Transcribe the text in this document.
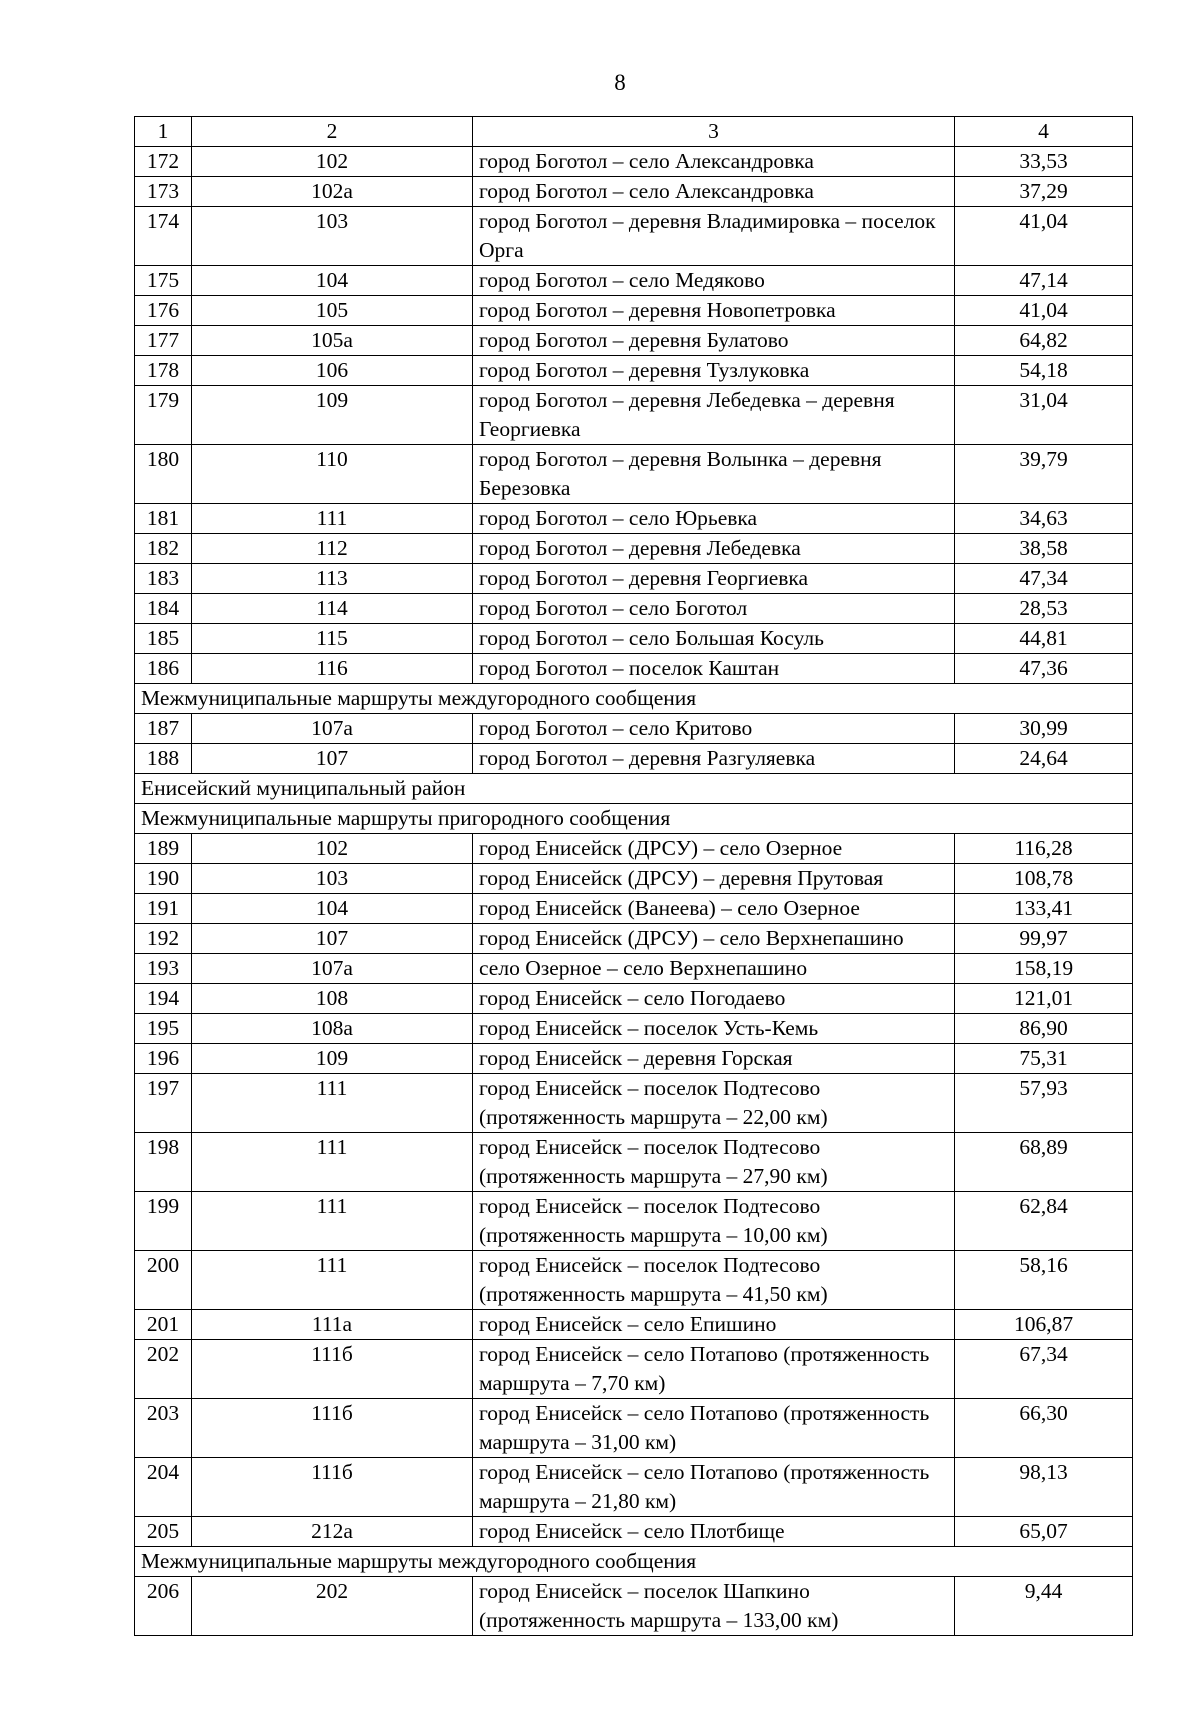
8
1	2	3	4
172	102	город Боготол – село Александровка	33,53
173	102а	город Боготол – село Александровка	37,29
174	103	город Боготол – деревня Владимировка – поселок Орга	41,04
175	104	город Боготол – село Медяково	47,14
176	105	город Боготол – деревня Новопетровка	41,04
177	105а	город Боготол – деревня Булатово	64,82
178	106	город Боготол – деревня Тузлуковка	54,18
179	109	город Боготол – деревня Лебедевка – деревня Георгиевка	31,04
180	110	город Боготол – деревня Волынка – деревня Березовка	39,79
181	111	город Боготол – село Юрьевка	34,63
182	112	город Боготол – деревня Лебедевка	38,58
183	113	город Боготол – деревня Георгиевка	47,34
184	114	город Боготол – село Боготол	28,53
185	115	город Боготол – село Большая Косуль	44,81
186	116	город Боготол – поселок Каштан	47,36
Межмуниципальные маршруты междугородного сообщения			
187	107а	город Боготол – село Критово	30,99
188	107	город Боготол – деревня Разгуляевка	24,64
Енисейский муниципальный район			
Межмуниципальные маршруты пригородного сообщения			
189	102	город Енисейск (ДРСУ) – село Озерное	116,28
190	103	город Енисейск (ДРСУ) – деревня Прутовая	108,78
191	104	город Енисейск (Ванеева) – село Озерное	133,41
192	107	город Енисейск (ДРСУ) – село Верхнепашино	99,97
193	107а	село Озерное – село Верхнепашино	158,19
194	108	город Енисейск – село Погодаево	121,01
195	108а	город Енисейск – поселок Усть-Кемь	86,90
196	109	город Енисейск – деревня Горская	75,31
197	111	город Енисейск – поселок Подтесово (протяженность маршрута – 22,00 км)	57,93
198	111	город Енисейск – поселок Подтесово (протяженность маршрута – 27,90 км)	68,89
199	111	город Енисейск – поселок Подтесово (протяженность маршрута – 10,00 км)	62,84
200	111	город Енисейск – поселок Подтесово (протяженность маршрута – 41,50 км)	58,16
201	111а	город Енисейск – село Епишино	106,87
202	111б	город Енисейск – село Потапово (протяженность маршрута – 7,70 км)	67,34
203	111б	город Енисейск – село Потапово (протяженность маршрута – 31,00 км)	66,30
204	111б	город Енисейск – село Потапово (протяженность маршрута – 21,80 км)	98,13
205	212а	город Енисейск – село Плотбище	65,07
Межмуниципальные маршруты междугородного сообщения			
206	202	город Енисейск – поселок Шапкино (протяженность маршрута – 133,00 км)	9,44
